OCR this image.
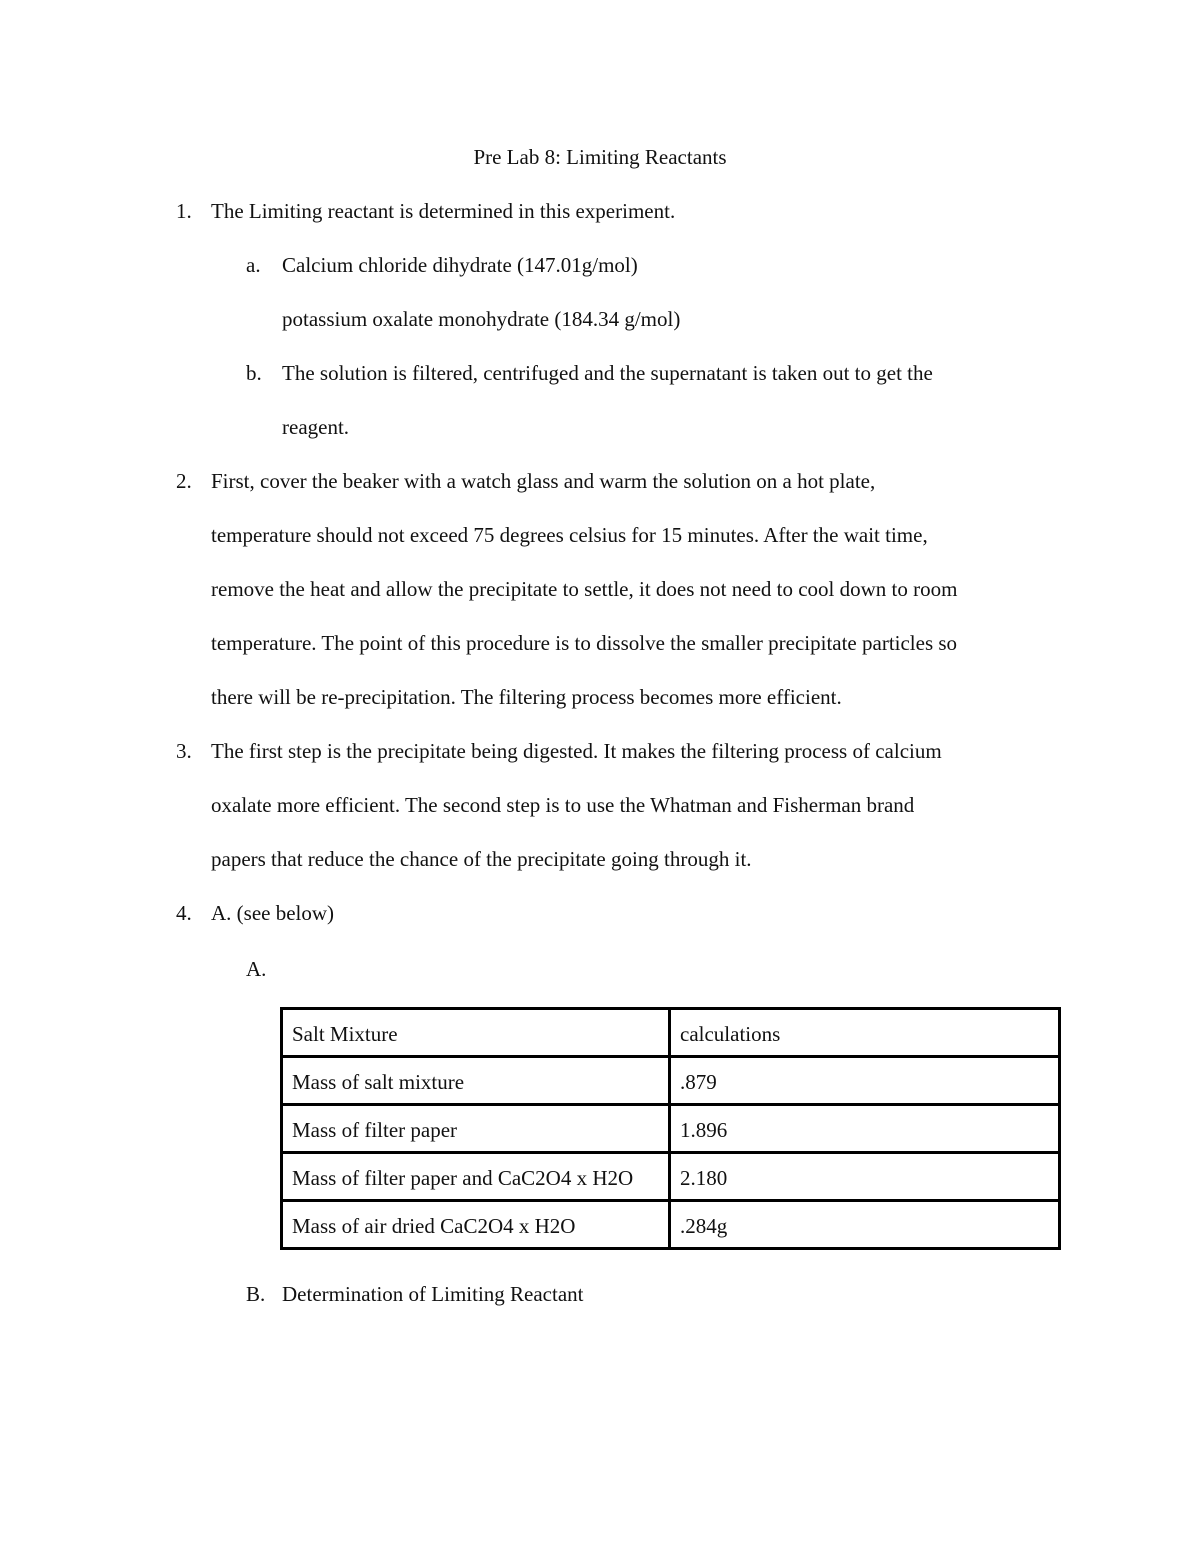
Pre Lab 8: Limiting Reactants
1. The Limiting reactant is determined in this experiment.
a. Calcium chloride dihydrate (147.01g/mol)
potassium oxalate monohydrate (184.34 g/mol)
b. The solution is filtered, centrifuged and the supernatant is taken out to get the
reagent.
2. First, cover the beaker with a watch glass and warm the solution on a hot plate,
temperature should not exceed 75 degrees celsius for 15 minutes. After the wait time,
remove the heat and allow the precipitate to settle, it does not need to cool down to room
temperature. The point of this procedure is to dissolve the smaller precipitate particles so
there will be re-precipitation. The filtering process becomes more efficient.
3. The first step is the precipitate being digested. It makes the filtering process of calcium
oxalate more efficient. The second step is to use the Whatman and Fisherman brand
papers that reduce the chance of the precipitate going through it.
4. A. (see below)
A.
Salt Mixture	calculations
Mass of salt mixture	.879
Mass of filter paper	1.896
Mass of filter paper and CaC2O4 x H2O	2.180
Mass of air dried CaC2O4 x H2O	.284g
B. Determination of Limiting Reactant
